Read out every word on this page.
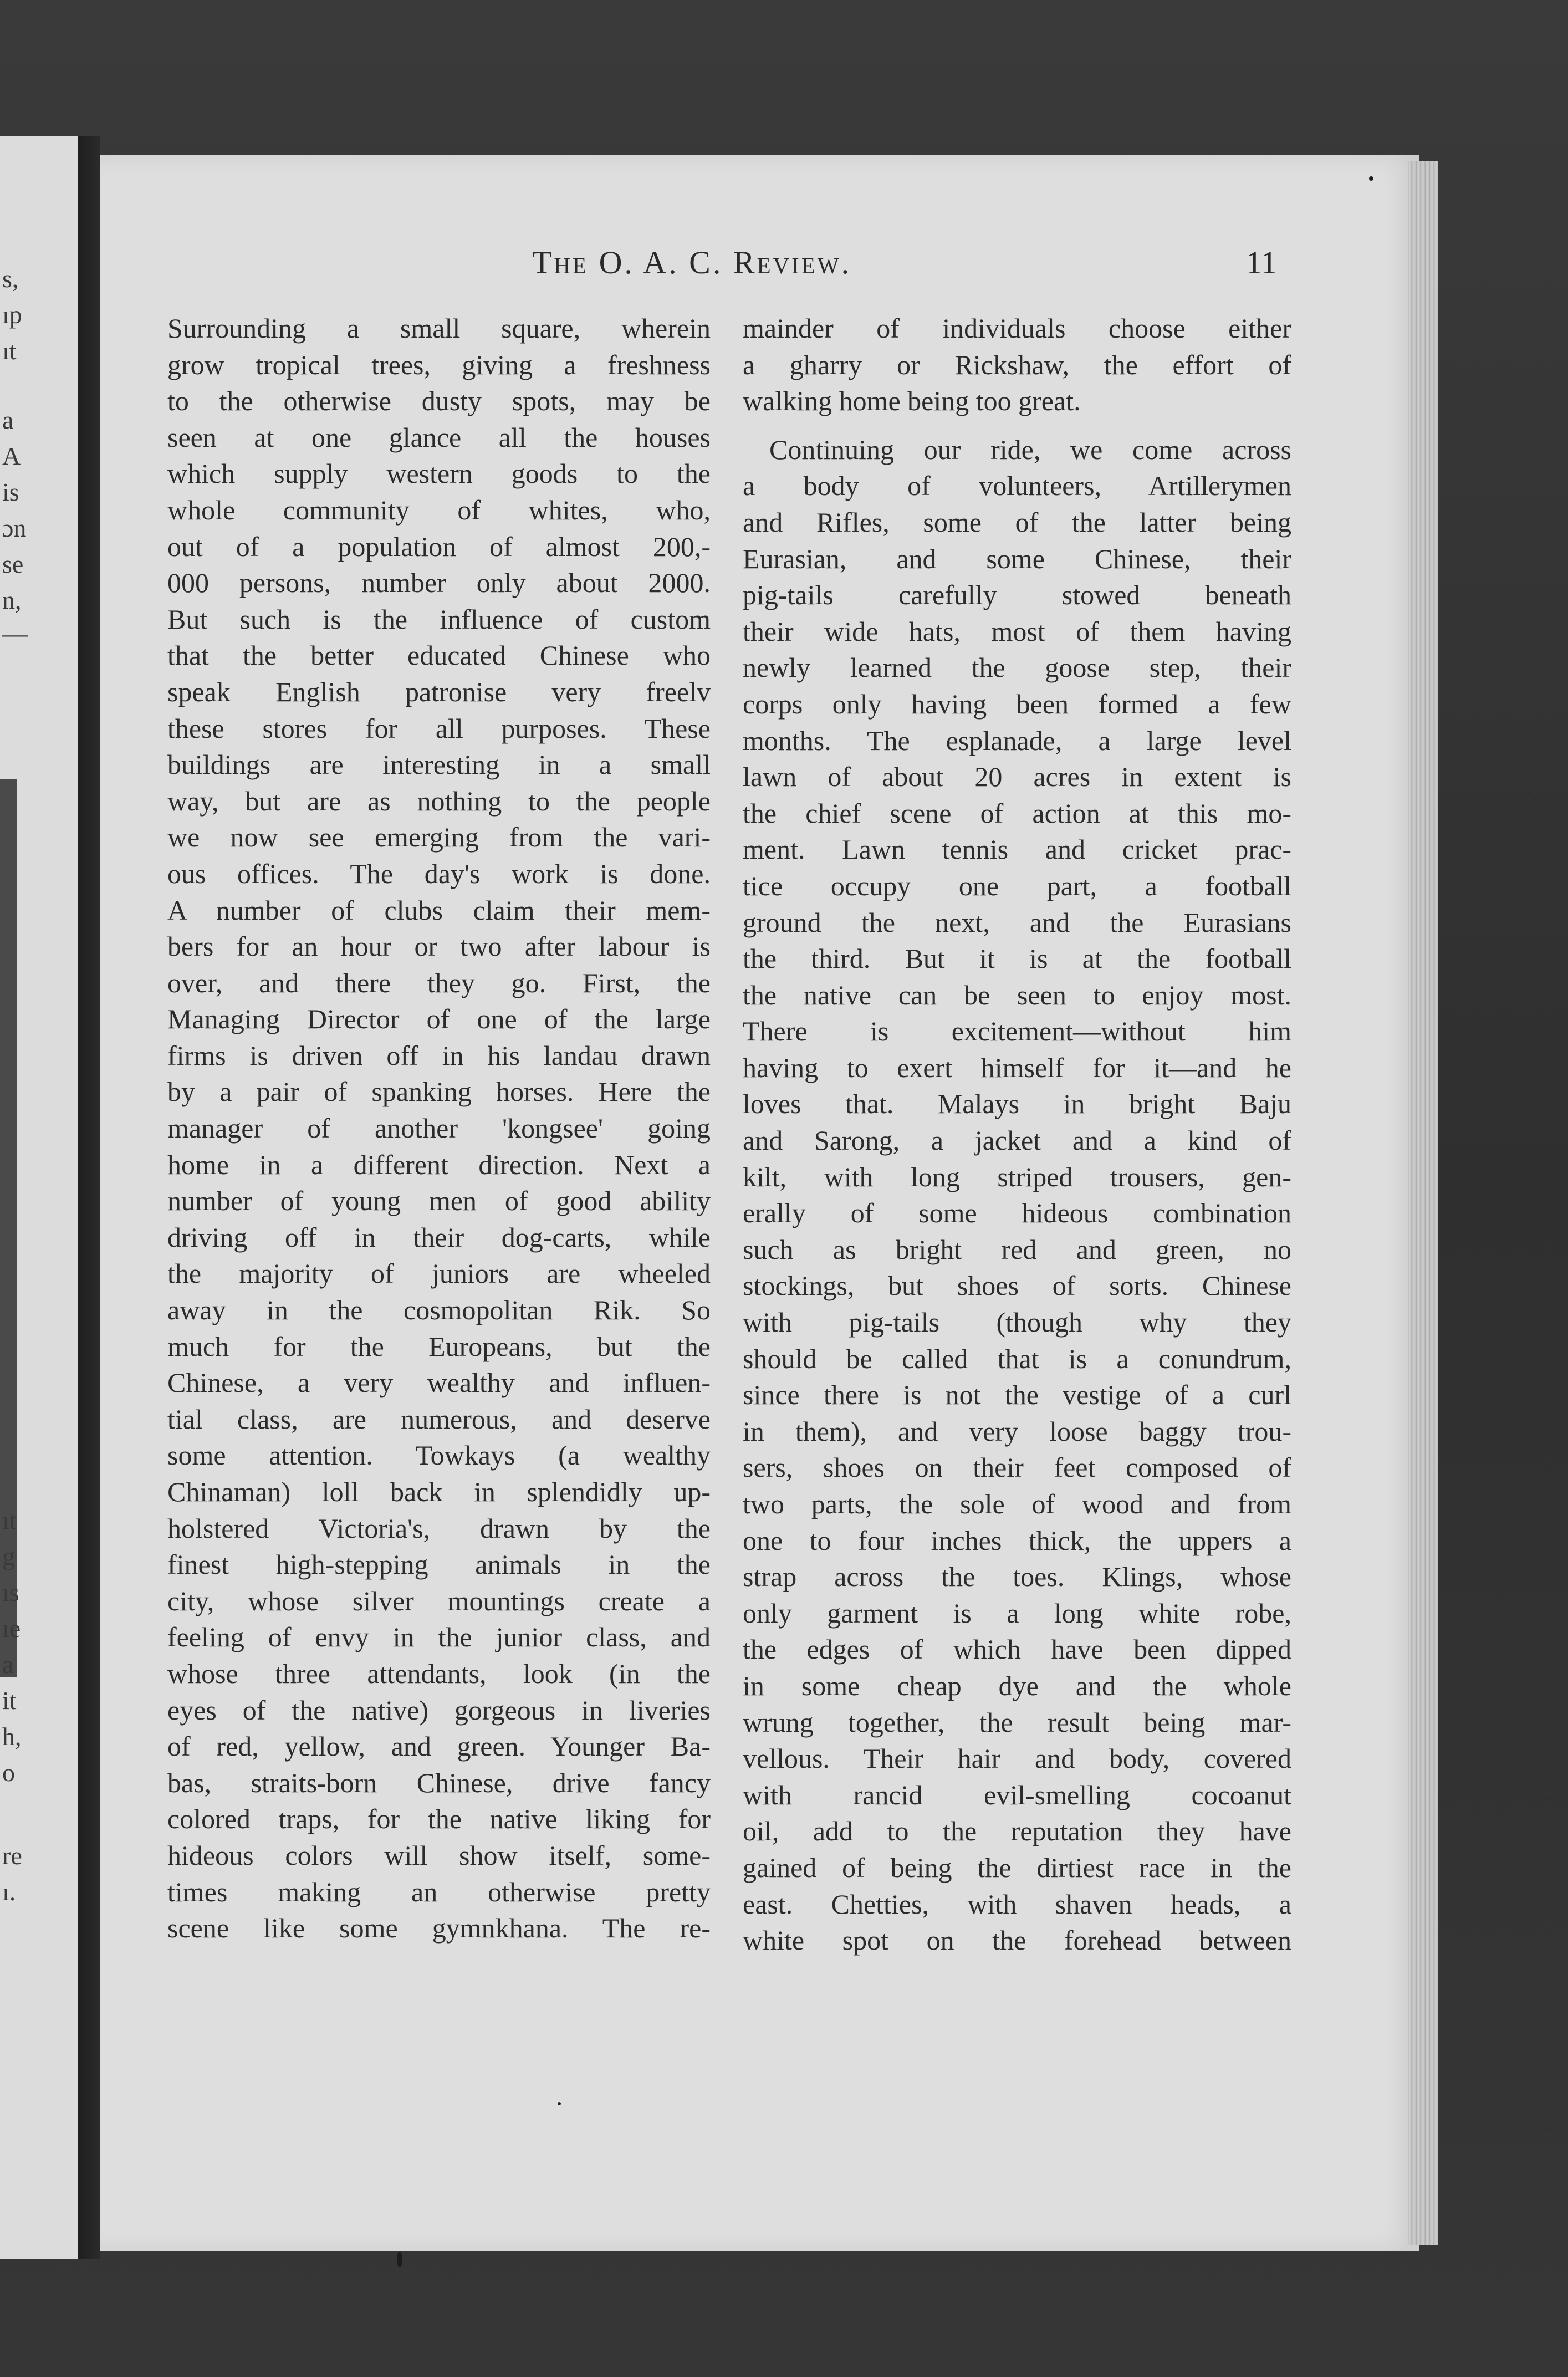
s,
ıp
ıt
a
A
is
ɔn
se
n,
—
ıt
g
ıs
ıe
a
it
h,
o
re
ı.
The O. A. C. Review.	11
Surrounding a small square, wherein
grow tropical trees, giving a freshness
to the otherwise dusty spots, may be
seen at one glance all the houses
which supply western goods to the
whole community of whites, who,
out of a population of almost 200,-
000 persons, number only about 2000.
But such is the influence of custom
that the better educated Chinese who
speak English patronise very freelv
these stores for all purposes. These
buildings are interesting in a small
way, but are as nothing to the people
we now see emerging from the vari-
ous offices. The day's work is done.
A number of clubs claim their mem-
bers for an hour or two after labour is
over, and there they go. First, the
Managing Director of one of the large
firms is driven off in his landau drawn
by a pair of spanking horses. Here the
manager of another 'kongsee' going
home in a different direction. Next a
number of young men of good ability
driving off in their dog-carts, while
the majority of juniors are wheeled
away in the cosmopolitan Rik. So
much for the Europeans, but the
Chinese, a very wealthy and influen-
tial class, are numerous, and deserve
some attention. Towkays (a wealthy
Chinaman) loll back in splendidly up-
holstered Victoria's, drawn by the
finest high-stepping animals in the
city, whose silver mountings create a
feeling of envy in the junior class, and
whose three attendants, look (in the
eyes of the native) gorgeous in liveries
of red, yellow, and green. Younger Ba-
bas, straits-born Chinese, drive fancy
colored traps, for the native liking for
hideous colors will show itself, some-
times making an otherwise pretty
scene like some gymnkhana. The re-
mainder of individuals choose either
a gharry or Rickshaw, the effort of
walking home being too great.
Continuing our ride, we come across
a body of volunteers, Artillerymen
and Rifles, some of the latter being
Eurasian, and some Chinese, their
pig-tails carefully stowed beneath
their wide hats, most of them having
newly learned the goose step, their
corps only having been formed a few
months. The esplanade, a large level
lawn of about 20 acres in extent is
the chief scene of action at this mo-
ment. Lawn tennis and cricket prac-
tice occupy one part, a football
ground the next, and the Eurasians
the third. But it is at the football
the native can be seen to enjoy most.
There is excitement—without him
having to exert himself for it—and he
loves that. Malays in bright Baju
and Sarong, a jacket and a kind of
kilt, with long striped trousers, gen-
erally of some hideous combination
such as bright red and green, no
stockings, but shoes of sorts. Chinese
with pig-tails (though why they
should be called that is a conundrum,
since there is not the vestige of a curl
in them), and very loose baggy trou-
sers, shoes on their feet composed of
two parts, the sole of wood and from
one to four inches thick, the uppers a
strap across the toes. Klings, whose
only garment is a long white robe,
the edges of which have been dipped
in some cheap dye and the whole
wrung together, the result being mar-
vellous. Their hair and body, covered
with rancid evil-smelling cocoanut
oil, add to the reputation they have
gained of being the dirtiest race in the
east. Chetties, with shaven heads, a
white spot on the forehead between
